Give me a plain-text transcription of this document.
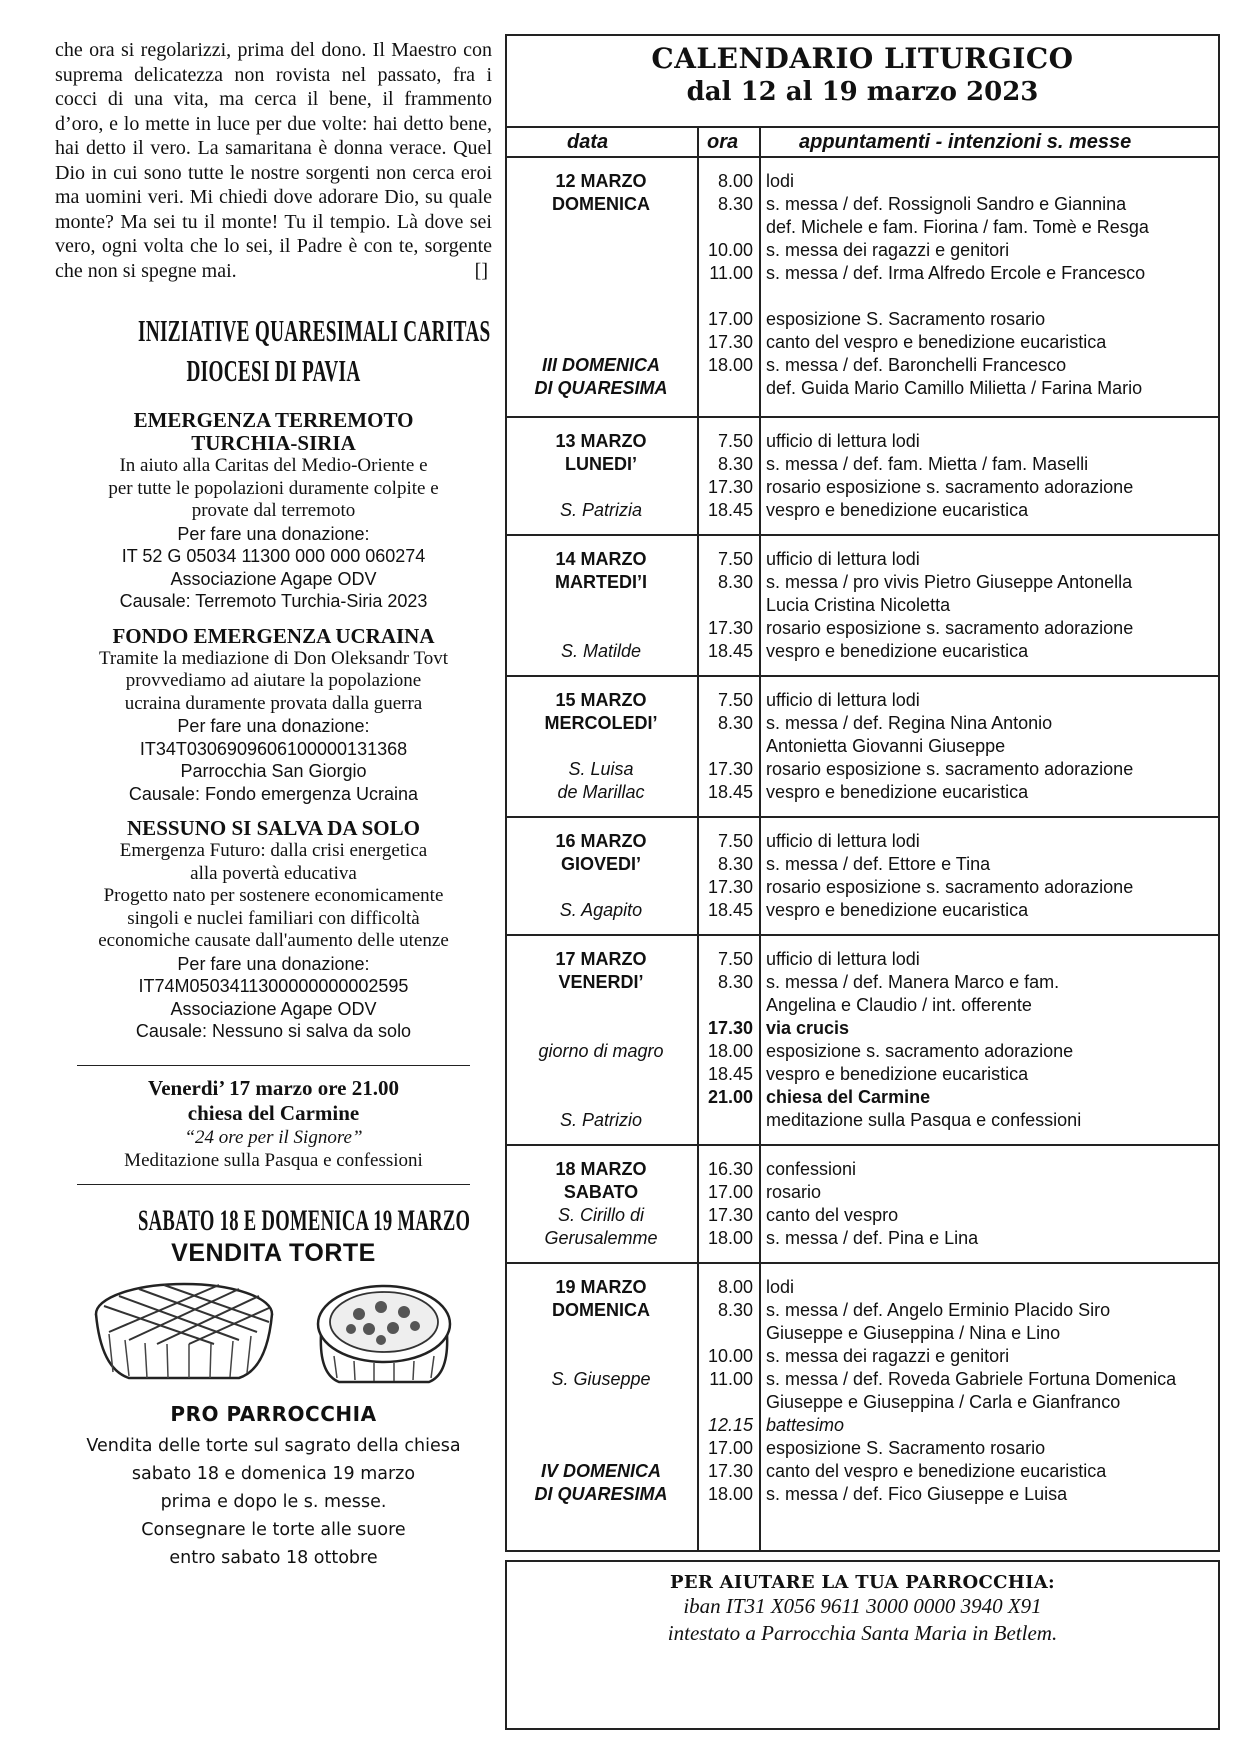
che ora si regolarizzi, prima del dono. Il Maestro con suprema delicatezza non rovista nel passato, fra i cocci di una vita, ma cerca il bene, il frammento d’oro, e lo mette in luce per due volte: hai detto bene, hai detto il vero. La samaritana è donna verace. Quel Dio in cui sono tutte le nostre sorgenti non cerca eroi ma uomini veri. Mi chiedi dove adorare Dio, su quale monte? Ma sei tu il monte! Tu il tempio. Là dove sei vero, ogni volta che lo sei, il Padre è con te, sorgente che non si spegne mai.	[]

INIZIATIVE QUARESIMALI CARITAS
DIOCESI DI PAVIA
EMERGENZA TERREMOTO
TURCHIA-SIRIA
In aiuto alla Caritas del Medio-Oriente e
per tutte le popolazioni duramente colpite e
provate dal terremoto
Per fare una donazione:
IT 52 G 05034 11300 000 000 060274
Associazione Agape ODV
Causale: Terremoto Turchia-Siria 2023
FONDO EMERGENZA UCRAINA
Tramite la mediazione di Don Oleksandr Tovt
provvediamo ad aiutare la popolazione
ucraina duramente provata dalla guerra
Per fare una donazione:
IT34T0306909606100000131368
Parrocchia San Giorgio
Causale: Fondo emergenza Ucraina
NESSUNO SI SALVA DA SOLO
Emergenza Futuro: dalla crisi energetica
alla povertà educativa
Progetto nato per sostenere economicamente
singoli e nuclei familiari con difficoltà
economiche causate dall'aumento delle utenze
Per fare una donazione:
IT74M0503411300000000002595
Associazione Agape ODV
Causale: Nessuno si salva da solo
Venerdi’ 17 marzo ore 21.00
chiesa del Carmine
“24 ore per il Signore”
Meditazione sulla Pasqua e confessioni
SABATO 18 E DOMENICA 19 MARZO
VENDITA TORTE
PRO PARROCCHIA
Vendita delle torte sul sagrato della chiesa
sabato 18 e domenica 19 marzo
prima e dopo le s. messe.
Consegnare le torte alle suore
entro sabato 18 ottobre
CALENDARIO LITURGICO
dal 12 al 19 marzo 2023
data	ora	appuntamenti - intenzioni s. messe
12 MARZO	8.00 lodi
DOMENICA	8.30 s. messa / def. Rossignoli Sandro e Giannina
def. Michele e fam. Fiorina / fam. Tomè e Resga
10.00 s. messa dei ragazzi e genitori
11.00 s. messa / def. Irma Alfredo Ercole e Francesco
17.00 esposizione S. Sacramento rosario
17.30 canto del vespro e benedizione eucaristica
III DOMENICA	18.00 s. messa / def. Baronchelli Francesco
DI QUARESIMA	def. Guida Mario Camillo Milietta / Farina Mario
13 MARZO	7.50 ufficio di lettura lodi
LUNEDI’	8.30 s. messa / def. fam. Mietta / fam. Maselli
17.30 rosario esposizione s. sacramento adorazione
S. Patrizia	18.45 vespro e benedizione eucaristica
14 MARZO	7.50 ufficio di lettura lodi
MARTEDI’I	8.30 s. messa / pro vivis Pietro Giuseppe Antonella
Lucia Cristina Nicoletta
17.30 rosario esposizione s. sacramento adorazione
S. Matilde	18.45 vespro e benedizione eucaristica
15 MARZO	7.50 ufficio di lettura lodi
MERCOLEDI’	8.30 s. messa / def. Regina Nina Antonio
Antonietta Giovanni Giuseppe
S. Luisa	17.30 rosario esposizione s. sacramento adorazione
de Marillac	18.45 vespro e benedizione eucaristica
16 MARZO	7.50 ufficio di lettura lodi
GIOVEDI’	8.30 s. messa / def. Ettore e Tina
17.30 rosario esposizione s. sacramento adorazione
S. Agapito	18.45 vespro e benedizione eucaristica
17 MARZO	7.50 ufficio di lettura lodi
VENERDI’	8.30 s. messa / def. Manera Marco e fam.
Angelina e Claudio / int. offerente
17.30 via crucis
giorno di magro	18.00 esposizione s. sacramento adorazione
18.45 vespro e benedizione eucaristica
21.00 chiesa del Carmine
S. Patrizio	meditazione sulla Pasqua e confessioni
18 MARZO	16.30 confessioni
SABATO	17.00 rosario
S. Cirillo di	17.30 canto del vespro
Gerusalemme	18.00 s. messa / def. Pina e Lina
19 MARZO	8.00 lodi
DOMENICA	8.30 s. messa / def. Angelo Erminio Placido Siro
Giuseppe e Giuseppina / Nina e Lino
10.00 s. messa dei ragazzi e genitori
S. Giuseppe	11.00 s. messa / def. Roveda Gabriele Fortuna Domenica
Giuseppe e Giuseppina / Carla e Gianfranco
12.15 battesimo
17.00 esposizione S. Sacramento rosario
IV DOMENICA	17.30 canto del vespro e benedizione eucaristica
DI QUARESIMA	18.00 s. messa / def. Fico Giuseppe e Luisa
PER AIUTARE LA TUA PARROCCHIA:
iban IT31 X056 9611 3000 0000 3940 X91
intestato a Parrocchia Santa Maria in Betlem.
